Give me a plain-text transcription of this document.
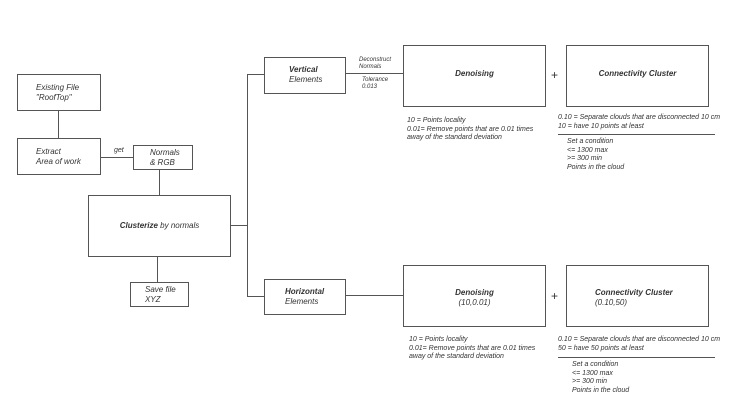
Existing File
"RoofTop"
Extract
Area of work
get	Normals
& RGB
Clusterize by normals
Save file
XYZ
Vertical
Elements
Deconstruct
Normals
Tolerance
0.013
Denoising	+	Connectivity Cluster
10 = Points locality
0.01= Remove points that are 0.01 times
away of the standard deviation
0.10 = Separate clouds that are disconnected 10 cm
10 = have 10 points at least
Set a condition
<= 1300 max
>= 300 min
Points in the cloud
Horizontal
Elements
Denoising
(10,0.01)	+	Connectivity Cluster
(0.10,50)
10 = Points locality
0.01= Remove points that are 0.01 times
away of the standard deviation
0.10 = Separate clouds that are disconnected 10 cm
50 = have 50 points at least
Set a condition
<= 1300 max
>= 300 min
Points in the cloud
